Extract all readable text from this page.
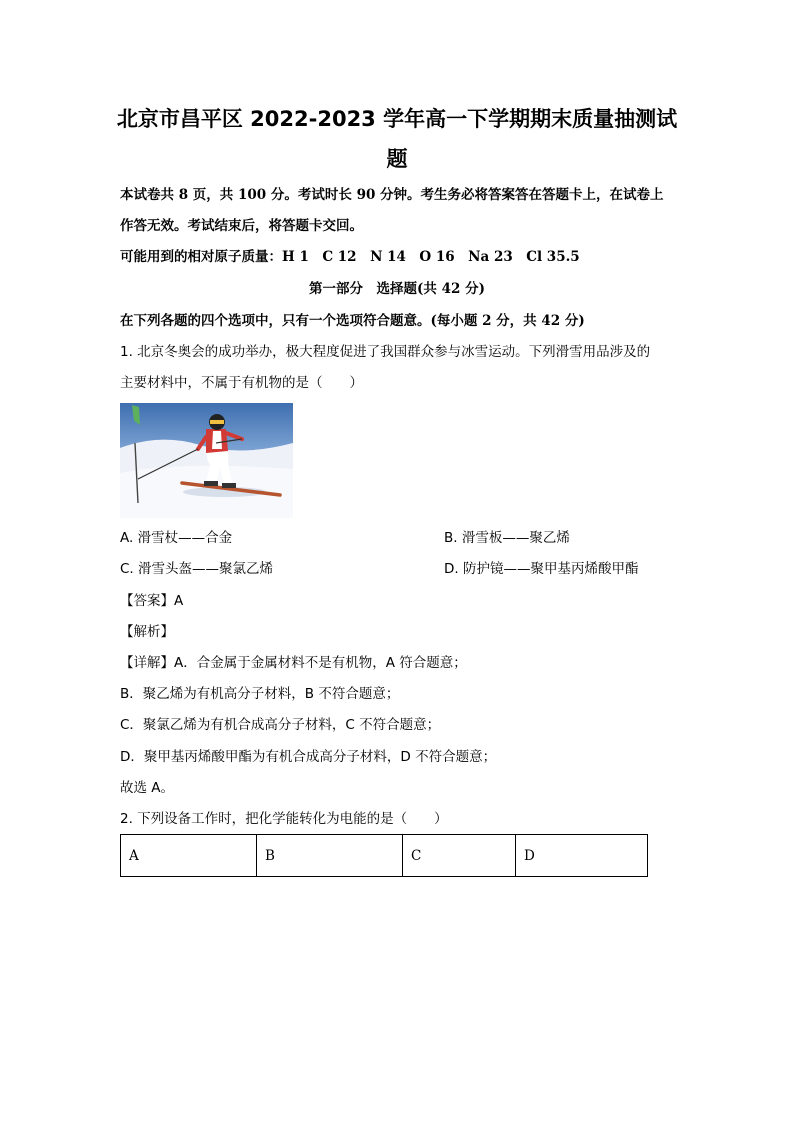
北京市昌平区 2022-2023 学年高一下学期期末质量抽测试
题
本试卷共 8 页，共 100 分。考试时长 90 分钟。考生务必将答案答在答题卡上，在试卷上
作答无效。考试结束后，将答题卡交回。
可能用到的相对原子质量：H 1　C 12　N 14　O 16　Na 23　Cl 35.5
第一部分　选择题(共 42 分)
在下列各题的四个选项中，只有一个选项符合题意。(每小题 2 分，共 42 分)
1. 北京冬奥会的成功举办，极大程度促进了我国群众参与冰雪运动。下列滑雪用品涉及的
主要材料中，不属于有机物的是（　　）
A. 滑雪杖——合金	B. 滑雪板——聚乙烯
C. 滑雪头盔——聚氯乙烯	D. 防护镜——聚甲基丙烯酸甲酯
【答案】A
【解析】
【详解】A．合金属于金属材料不是有机物，A 符合题意；
B．聚乙烯为有机高分子材料，B 不符合题意；
C．聚氯乙烯为有机合成高分子材料，C 不符合题意；
D．聚甲基丙烯酸甲酯为有机合成高分子材料，D 不符合题意；
故选 A。
2. 下列设备工作时，把化学能转化为电能的是（　　）
A	B	C	D
